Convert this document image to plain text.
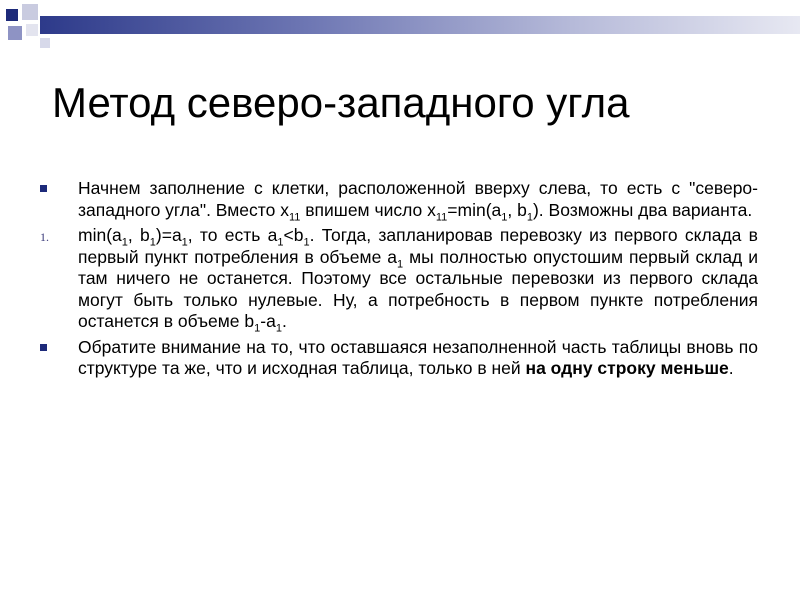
Метод северо-западного угла
Начнем заполнение с клетки, расположенной вверху слева, то есть с "северо-западного угла". Вместо $x_{11}$ впишем число $x_{11}=\min(a_1$, $b_1$). Возможны два варианта.
1.	$\min(a_1$, $b_1)=a_1$, то есть $a_1<b_1$. Тогда, запланировав перевозку из первого склада в первый пункт потребления в объеме $a_1$ мы полностью опустошим первый склад и там ничего не останется. Поэтому все остальные перевозки из первого склада могут быть только нулевые. Ну, а потребность в первом пункте потребления останется в объеме $b_1-a_1$.
Обратите внимание на то, что оставшаяся незаполненной часть таблицы вновь по структуре та же, что и исходная таблица, только в ней на одну строку меньше.
